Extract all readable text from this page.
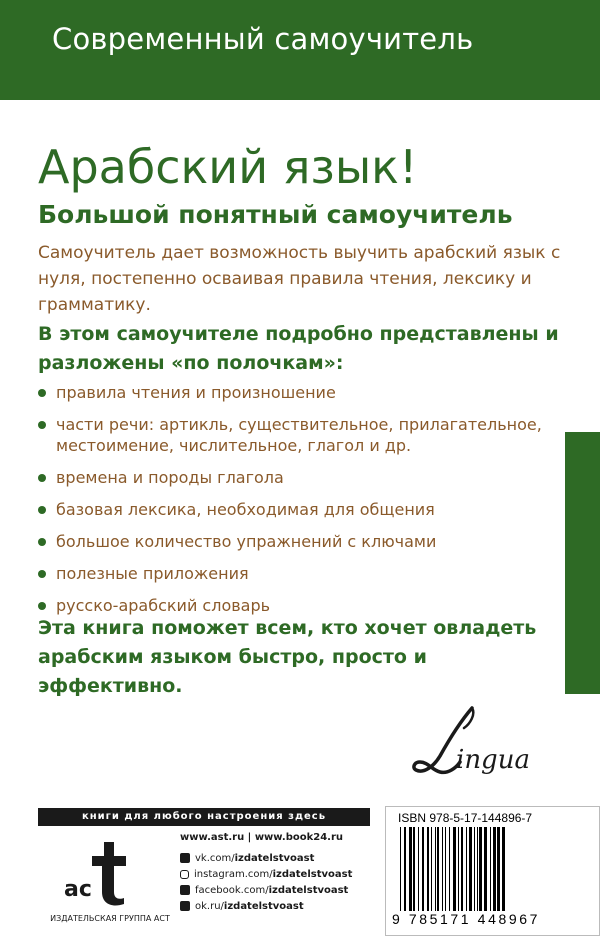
Современный самоучитель
Арабский язык!
Большой понятный самоучитель
Самоучитель дает возможность выучить арабский язык с нуля, постепенно осваивая правила чтения, лексику и грамматику.
В этом самоучителе подробно представлены и разложены «по полочкам»:
правила чтения и произношение
части речи: артикль, существительное, прилагательное, местоимение, числительное, глагол и др.
времена и породы глагола
базовая лексика, необходимая для общения
большое количество упражнений с ключами
полезные приложения
русско-арабский словарь
Эта книга поможет всем, кто хочет овладеть арабским языком быстро, просто и эффективно.
ingua
книги для любого настроения здесь
ас
ИЗДАТЕЛЬСКАЯ ГРУППА АСТ
www.ast.ru | www.book24.ru
vk.com/ izdatelstvoast
instagram.com/ izdatelstvoast
facebook.com/ izdatelstvoast
ok.ru/ izdatelstvoast
ISBN 978-5-17-144896-7
9 785171 448967
